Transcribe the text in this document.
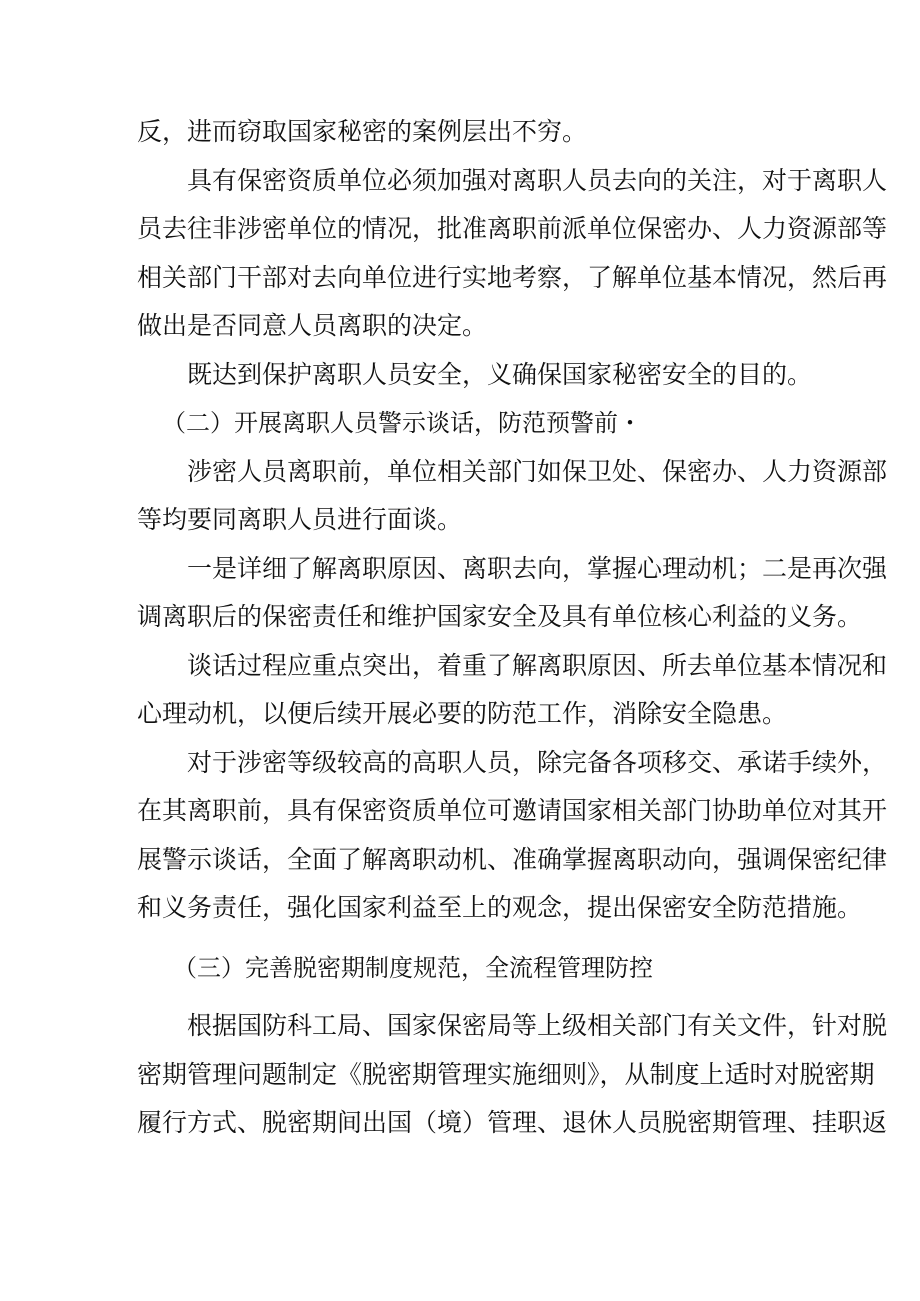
反，进而窃取国家秘密的案例层出不穷。
具有保密资质单位必须加强对离职人员去向的关注，对于离职人
员去往非涉密单位的情况，批准离职前派单位保密办、人力资源部等
相关部门干部对去向单位进行实地考察，了解单位基本情况，然后再
做出是否同意人员离职的决定。
既达到保护离职人员安全，义确保国家秘密安全的目的。
（二）开展离职人员警示谈话，防范预警前・
涉密人员离职前，单位相关部门如保卫处、保密办、人力资源部
等均要同离职人员进行面谈。
一是详细了解离职原因、离职去向，掌握心理动机；二是再次强
调离职后的保密责任和维护国家安全及具有单位核心利益的义务。
谈话过程应重点突出，着重了解离职原因、所去单位基本情况和
心理动机，以便后续开展必要的防范工作，消除安全隐患。
对于涉密等级较高的高职人员，除完备各项移交、承诺手续外，
在其离职前，具有保密资质单位可邀请国家相关部门协助单位对其开
展警示谈话，全面了解离职动机、准确掌握离职动向，强调保密纪律
和义务责任，强化国家利益至上的观念，提出保密安全防范措施。
（三）完善脱密期制度规范，全流程管理防控
根据国防科工局、国家保密局等上级相关部门有关文件，针对脱
密期管理问题制定《脱密期管理实施细则》，从制度上适时对脱密期
履行方式、脱密期间出国（境）管理、退休人员脱密期管理、挂职返
